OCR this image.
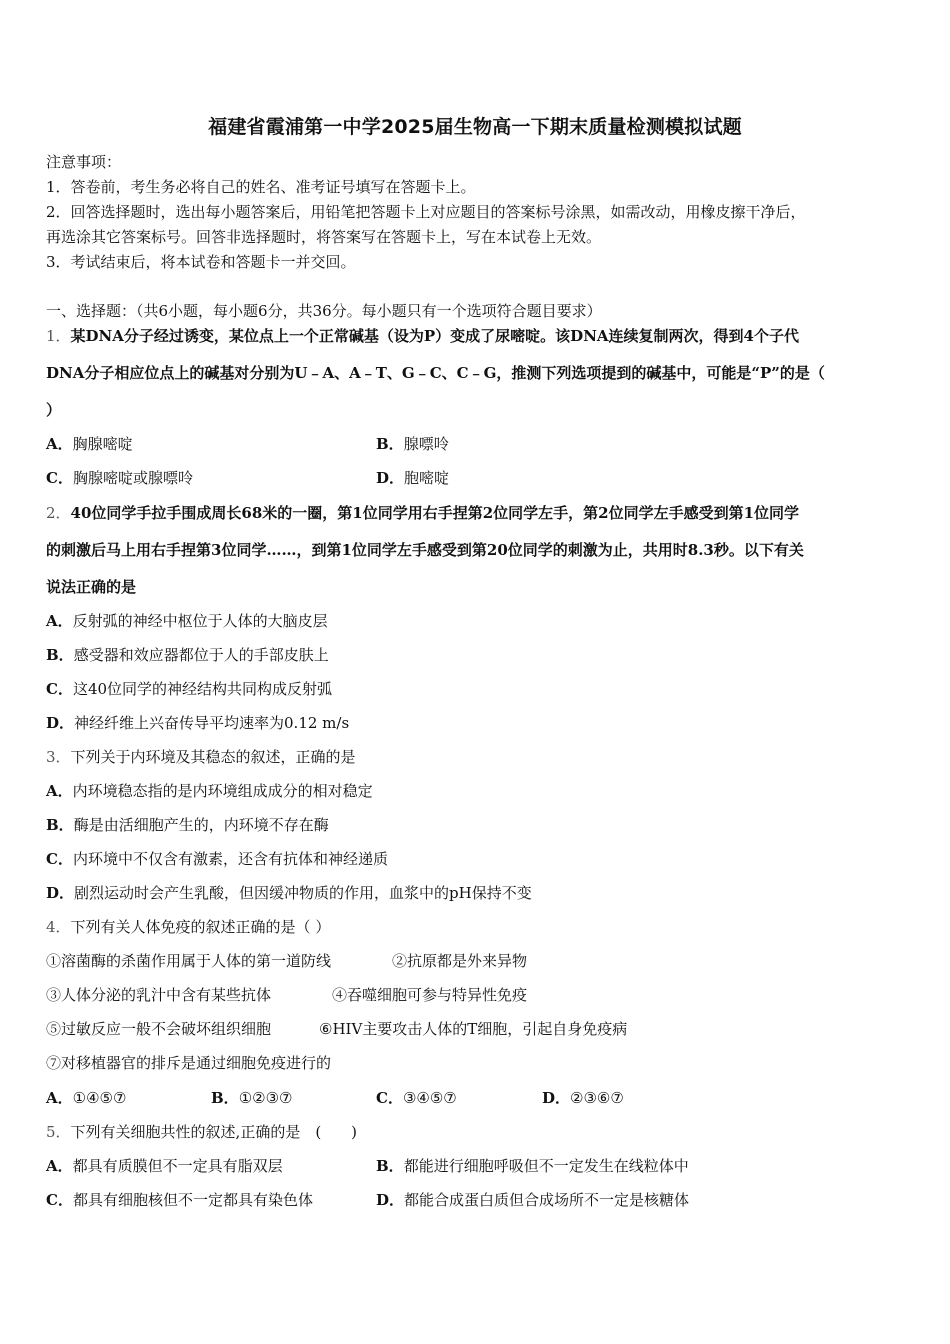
福建省霞浦第一中学2025届生物高一下期末质量检测模拟试题
注意事项：
1．答卷前，考生务必将自己的姓名、准考证号填写在答题卡上。
2．回答选择题时，选出每小题答案后，用铅笔把答题卡上对应题目的答案标号涂黑，如需改动，用橡皮擦干净后，
再选涂其它答案标号。回答非选择题时，将答案写在答题卡上，写在本试卷上无效。
3．考试结束后，将本试卷和答题卡一并交回。
一、选择题：（共6小题，每小题6分，共36分。每小题只有一个选项符合题目要求）
1．某DNA分子经过诱变，某位点上一个正常碱基（设为P）变成了尿嘧啶。该DNA连续复制两次，得到4个子代
DNA分子相应位点上的碱基对分别为U﹣A、A﹣T、G﹣C、C﹣G，推测下列选项提到的碱基中，可能是“P”的是（
）
A．胸腺嘧啶	B．腺嘌呤
C．胸腺嘧啶或腺嘌呤	D．胞嘧啶
2．40位同学手拉手围成周长68米的一圈，第1位同学用右手捏第2位同学左手，第2位同学左手感受到第1位同学
的刺激后马上用右手捏第3位同学……，到第1位同学左手感受到第20位同学的刺激为止，共用时8.3秒。以下有关
说法正确的是
A．反射弧的神经中枢位于人体的大脑皮层
B．感受器和效应器都位于人的手部皮肤上
C．这40位同学的神经结构共同构成反射弧
D．神经纤维上兴奋传导平均速率为0.12 m/s
3．下列关于内环境及其稳态的叙述，正确的是
A．内环境稳态指的是内环境组成成分的相对稳定
B．酶是由活细胞产生的，内环境不存在酶
C．内环境中不仅含有激素，还含有抗体和神经递质
D．剧烈运动时会产生乳酸，但因缓冲物质的作用，血浆中的pH保持不变
4．下列有关人体免疫的叙述正确的是（ ）
①溶菌酶的杀菌作用属于人体的第一道防线	②抗原都是外来异物
③人体分泌的乳汁中含有某些抗体	④吞噬细胞可参与特异性免疫
⑤过敏反应一般不会破坏组织细胞	⑥HIV主要攻击人体的T细胞，引起自身免疫病
⑦对移植器官的排斥是通过细胞免疫进行的
A．①④⑤⑦	B．①②③⑦	C．③④⑤⑦	D．②③⑥⑦
5．下列有关细胞共性的叙述,正确的是　(　　)
A．都具有质膜但不一定具有脂双层	B．都能进行细胞呼吸但不一定发生在线粒体中
C．都具有细胞核但不一定都具有染色体	D．都能合成蛋白质但合成场所不一定是核糖体
